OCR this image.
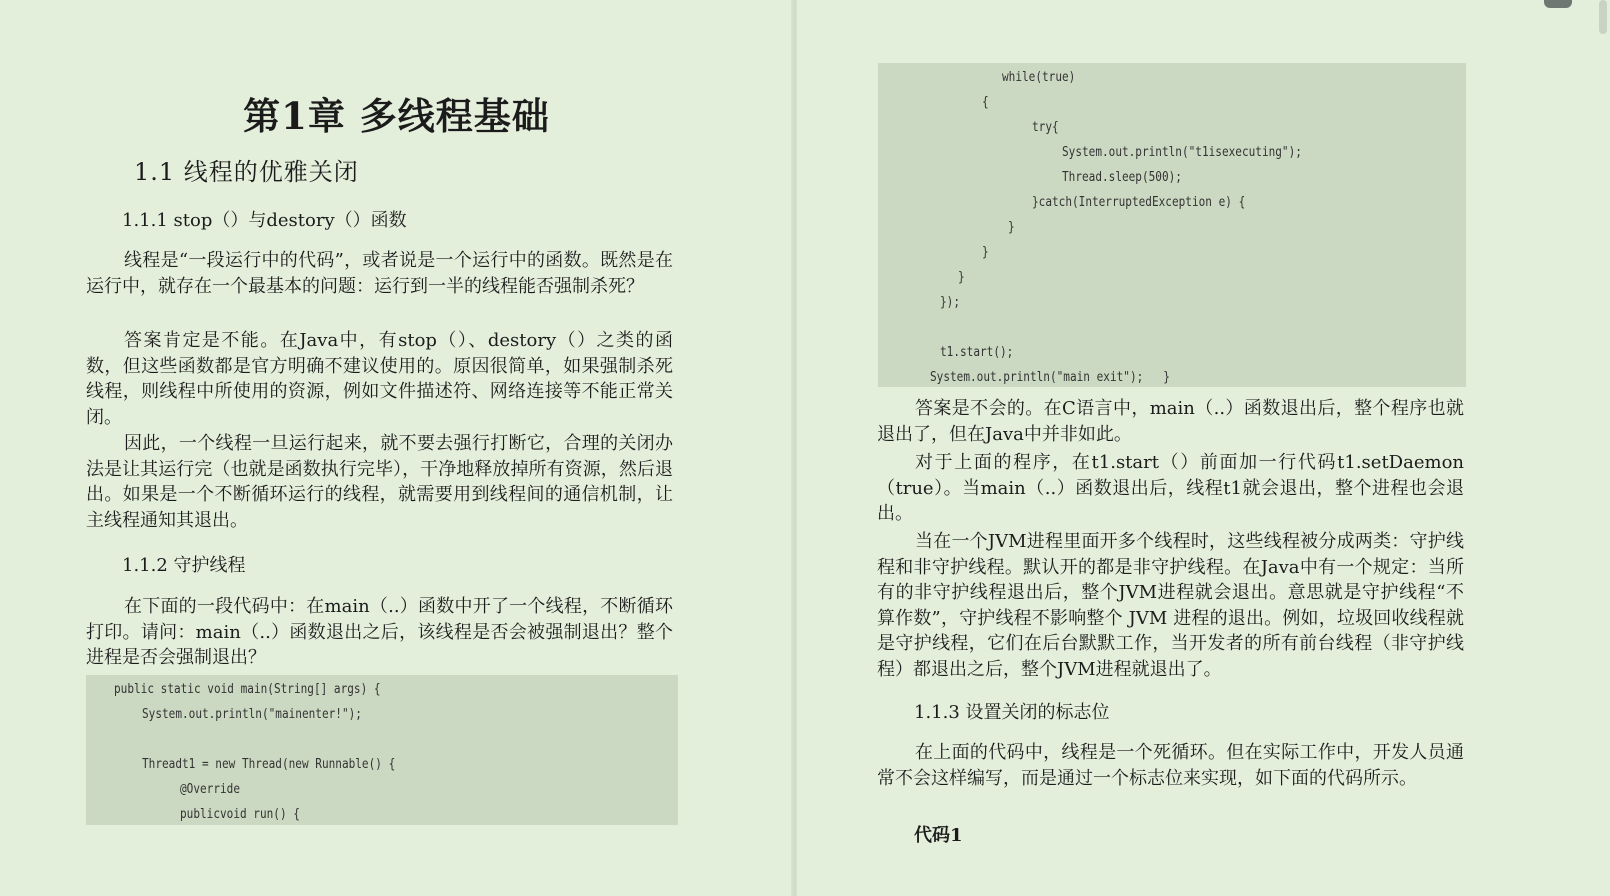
第1章 多线程基础
1.1 线程的优雅关闭
1.1.1 stop（）与destory（）函数

线程是“一段运行中的代码”，或者说是一个运行中的函数。既然是在运行中，就存在一个最基本的问题：运行到一半的线程能否强制杀死？

答案肯定是不能。在Java中，有stop（）、destory（）之类的函数，但这些函数都是官方明确不建议使用的。原因很简单，如果强制杀死线程，则线程中所使用的资源，例如文件描述符、网络连接等不能正常关闭。

因此，一个线程一旦运行起来，就不要去强行打断它，合理的关闭办法是让其运行完（也就是函数执行完毕），干净地释放掉所有资源，然后退出。如果是一个不断循环运行的线程，就需要用到线程间的通信机制，让主线程通知其退出。

1.1.2 守护线程

在下面的一段代码中：在main（..）函数中开了一个线程，不断循环打印。请问：main（..）函数退出之后，该线程是否会被强制退出？整个进程是否会强制退出？

public static void main(String[] args) {
System.out.println("mainenter!");
Threadt1 = new Thread(new Runnable() {
@Override
publicvoid run() {
while(true)
{
try{
System.out.println("t1isexecuting");
Thread.sleep(500);
}catch(InterruptedException e) {
}
}
}
});
t1.start();
System.out.println("main exit");   }

答案是不会的。在C语言中，main（..）函数退出后，整个程序也就退出了，但在Java中并非如此。

对于上面的程序，在t1.start（）前面加一行代码t1.setDaemon（true）。当main（..）函数退出后，线程t1就会退出，整个进程也会退出。

当在一个JVM进程里面开多个线程时，这些线程被分成两类：守护线程和非守护线程。默认开的都是非守护线程。在Java中有一个规定：当所有的非守护线程退出后，整个JVM进程就会退出。意思就是守护线程“不算作数”，守护线程不影响整个 JVM 进程的退出。例如，垃圾回收线程就是守护线程，它们在后台默默工作，当开发者的所有前台线程（非守护线程）都退出之后，整个JVM进程就退出了。

1.1.3 设置关闭的标志位

在上面的代码中，线程是一个死循环。但在实际工作中，开发人员通常不会这样编写，而是通过一个标志位来实现，如下面的代码所示。

代码1
